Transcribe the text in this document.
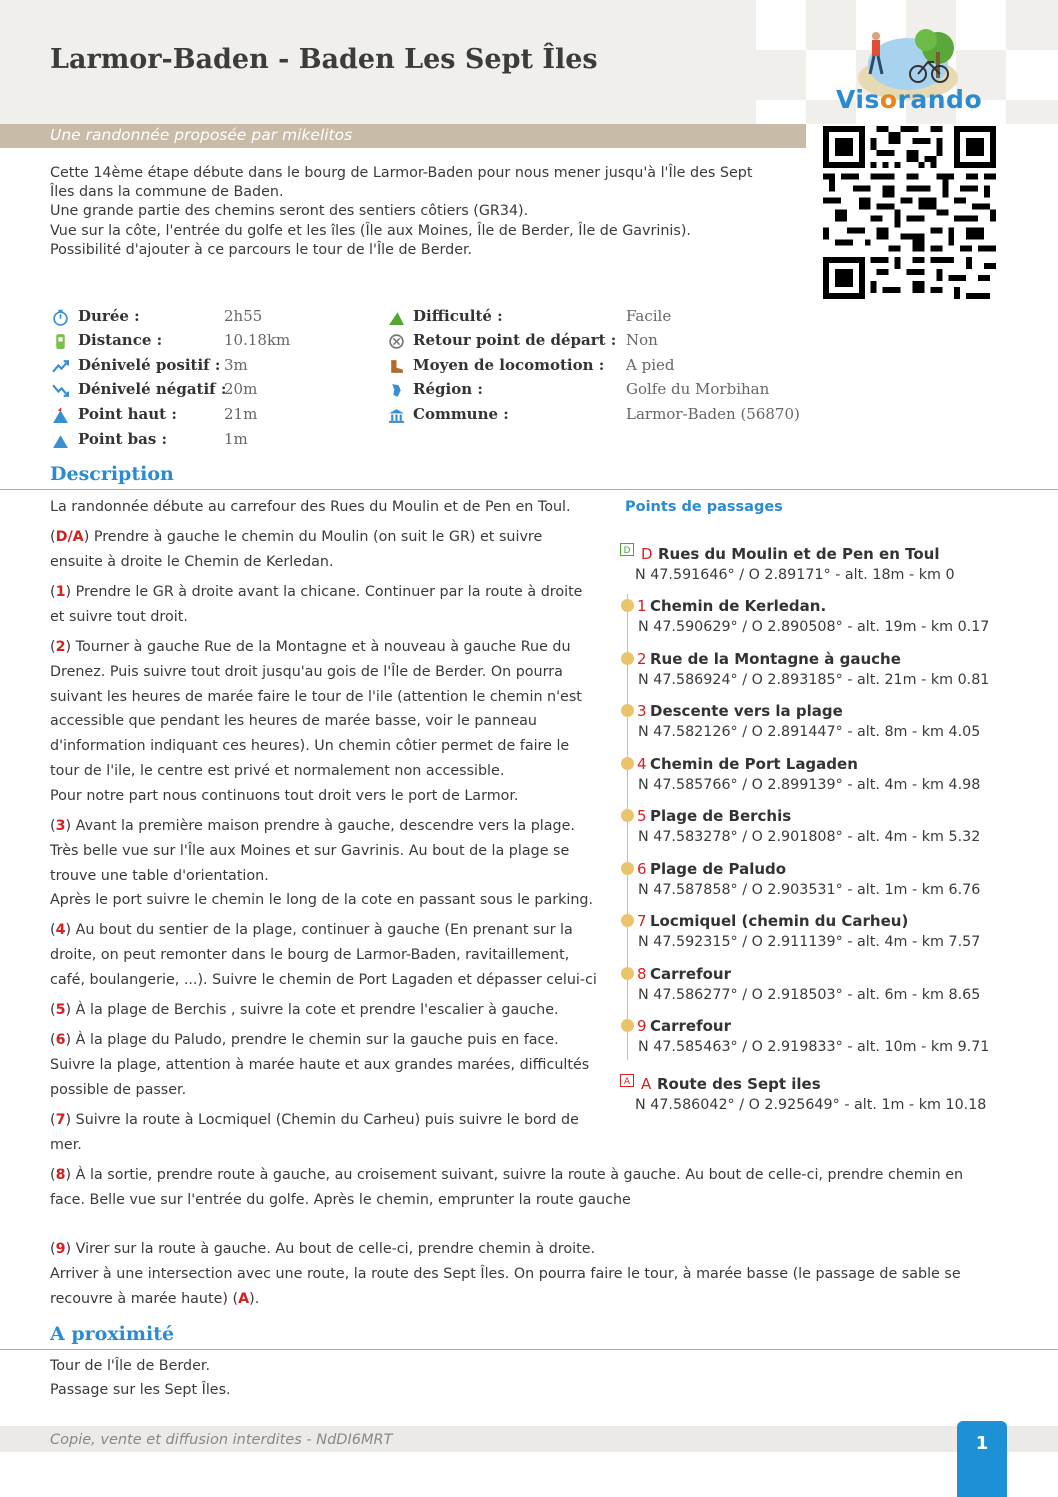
Larmor-Baden - Baden Les Sept Îles
Visorando
Une randonnée proposée par mikelitos
Cette 14ème étape débute dans le bourg de Larmor-Baden pour nous mener jusqu'à l'Île des Sept
Îles dans la commune de Baden.
Une grande partie des chemins seront des sentiers côtiers (GR34).
Vue sur la côte, l'entrée du golfe et les îles (Île aux Moines, Île de Berder, Île de Gavrinis).
Possibilité d'ajouter à ce parcours le tour de l'Île de Berder.
Durée :	2h55
Distance :	10.18km
Dénivelé positif : 3m
Dénivelé négatif :
20m
Point haut :	21m
Point bas :	1m
Difficulté :	Facile
Retour point de départ : Non
Moyen de locomotion : A pied
Région :	Golfe du Morbihan
Commune :	Larmor-Baden (56870)
Description
La randonnée débute au carrefour des Rues du Moulin et de Pen en Toul.
(D/A) Prendre à gauche le chemin du Moulin (on suit le GR) et suivre
ensuite à droite le Chemin de Kerledan.
(1) Prendre le GR à droite avant la chicane. Continuer par la route à droite
et suivre tout droit.
(2) Tourner à gauche Rue de la Montagne et à nouveau à gauche Rue du
Drenez. Puis suivre tout droit jusqu'au gois de l'Île de Berder. On pourra
suivant les heures de marée faire le tour de l'ile (attention le chemin n'est
accessible que pendant les heures de marée basse, voir le panneau
d'information indiquant ces heures). Un chemin côtier permet de faire le
tour de l'ile, le centre est privé et normalement non accessible.
Pour notre part nous continuons tout droit vers le port de Larmor.
(3) Avant la première maison prendre à gauche, descendre vers la plage.
Très belle vue sur l'Île aux Moines et sur Gavrinis. Au bout de la plage se
trouve une table d'orientation.
Après le port suivre le chemin le long de la cote en passant sous le parking.
(4) Au bout du sentier de la plage, continuer à gauche (En prenant sur la
droite, on peut remonter dans le bourg de Larmor-Baden, ravitaillement,
café, boulangerie, ...). Suivre le chemin de Port Lagaden et dépasser celui-ci
(5) À la plage de Berchis , suivre la cote et prendre l'escalier à gauche.
(6) À la plage du Paludo, prendre le chemin sur la gauche puis en face.
Suivre la plage, attention à marée haute et aux grandes marées, difficultés
possible de passer.
(7) Suivre la route à Locmiquel (Chemin du Carheu) puis suivre le bord de
mer.
(8) À la sortie, prendre route à gauche, au croisement suivant, suivre la route à gauche. Au bout de celle-ci, prendre chemin en
face. Belle vue sur l'entrée du golfe. Après le chemin, emprunter la route gauche
(9) Virer sur la route à gauche. Au bout de celle-ci, prendre chemin à droite.
Arriver à une intersection avec une route, la route des Sept Îles. On pourra faire le tour, à marée basse (le passage de sable se
recouvre à marée haute) (A).
Points de passages
D D Rues du Moulin et de Pen en Toul
N 47.591646° / O 2.89171° - alt. 18m - km 0
1 Chemin de Kerledan.
N 47.590629° / O 2.890508° - alt. 19m - km 0.17
2 Rue de la Montagne à gauche
N 47.586924° / O 2.893185° - alt. 21m - km 0.81
3 Descente vers la plage
N 47.582126° / O 2.891447° - alt. 8m - km 4.05
4 Chemin de Port Lagaden
N 47.585766° / O 2.899139° - alt. 4m - km 4.98
5 Plage de Berchis
N 47.583278° / O 2.901808° - alt. 4m - km 5.32
6 Plage de Paludo
N 47.587858° / O 2.903531° - alt. 1m - km 6.76
7 Locmiquel (chemin du Carheu)
N 47.592315° / O 2.911139° - alt. 4m - km 7.57
8 Carrefour
N 47.586277° / O 2.918503° - alt. 6m - km 8.65
9 Carrefour
N 47.585463° / O 2.919833° - alt. 10m - km 9.71
A A Route des Sept iles
N 47.586042° / O 2.925649° - alt. 1m - km 10.18
A proximité
Tour de l'Île de Berder.
Passage sur les Sept Îles.
Copie, vente et diffusion interdites - NdDI6MRT	1
